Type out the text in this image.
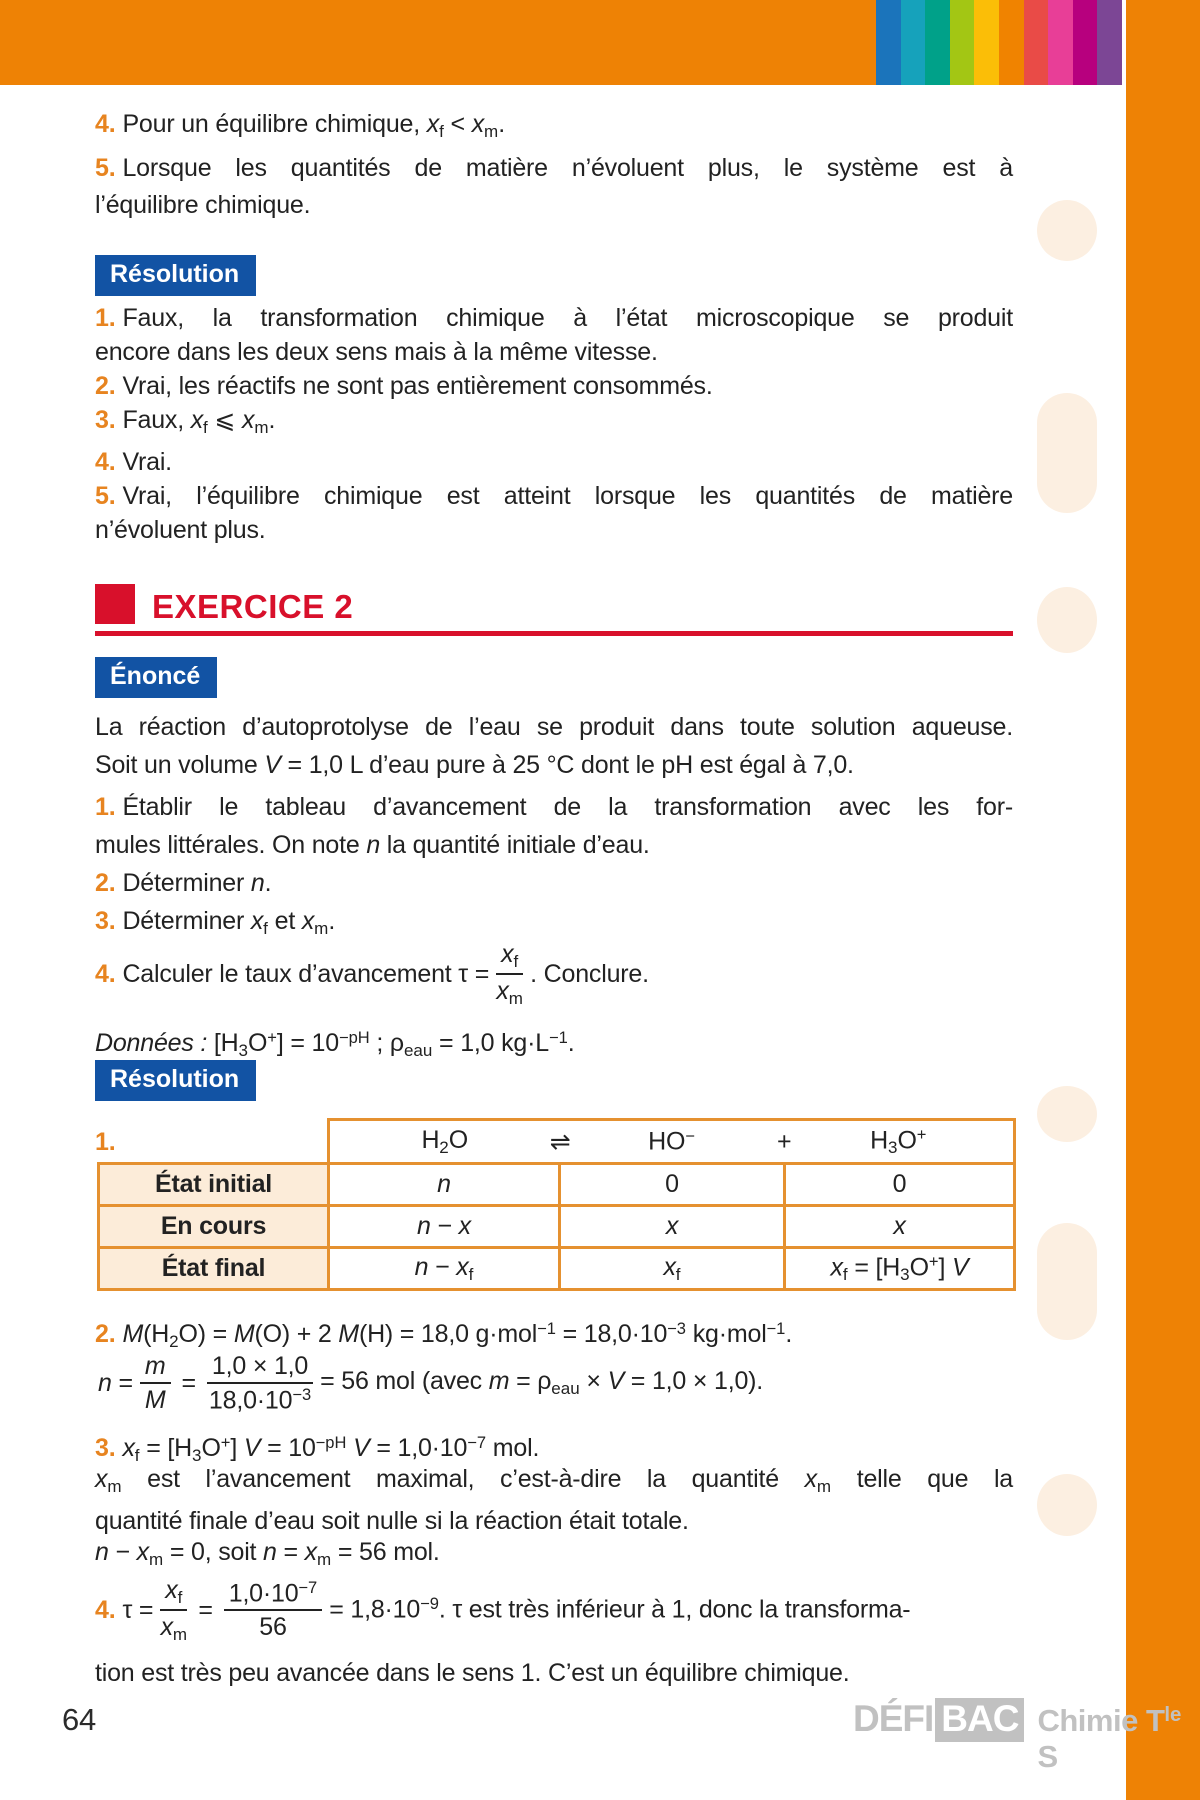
4. Pour un équilibre chimique, $x_f < x_m$.
5. Lorsque les quantités de matière n’évoluent plus, le système est à
l’équilibre chimique.
Résolution
1. Faux, la transformation chimique à l’état microscopique se produit
encore dans les deux sens mais à la même vitesse.
2. Vrai, les réactifs ne sont pas entièrement consommés.
3. Faux, $x_f$ ⩽ $x_m$.
4. Vrai.
5. Vrai, l’équilibre chimique est atteint lorsque les quantités de matière
n’évoluent plus.
EXERCICE 2
Énoncé
La réaction d’autoprotolyse de l’eau se produit dans toute solution aqueuse.
Soit un volume V = 1,0 L d’eau pure à 25 °C dont le pH est égal à 7,0.
1. Établir le tableau d’avancement de la transformation avec les for-
mules littérales. On note n la quantité initiale d’eau.
2. Déterminer n.
3. Déterminer $x_f$ et $x_m$.
4. Calculer le taux d’avancement $\tau = \frac{x_f}{x_m}$ . Conclure.
Données : $[H_3O^+] = 10^{-pH}$ ; $\rho_{eau} = 1,0$ $kg\cdot L^{-1}$.
Résolution
1.

	$H_2O$ ⇌ $HO^- + H_3O^+$

État initial	n	0	0
En cours	n − x	x	x
État final	$n - x_f$	$x_f$	$x_f = [H_3O^+]$ V
2. $M(H_2O) = M(O) + 2$ M(H) = 18,0 $g\cdot mol^{-1} = 18,0\cdot 10^{-3}$ kg·mol$^{-1}$.
$n = \frac{m}{M} = \frac{1,0 \times 1,0}{18,0\cdot 10^{-3}} = 56$ mol (avec $m = \rho_{eau} \times V = 1,0 \times 1,0$).
3. $x_f = [H_3O^+] V = 10^{-pH}$ $V = 1,0\cdot 10^{-7}$ mol.
$x_m$ est l’avancement maximal, c’est-à-dire la quantité $x_m$ telle que la
quantité finale d’eau soit nulle si la réaction était totale.
$n - x_m = 0$, soit $n = x_m = 56$ mol.
4. $\tau = \frac{x_f}{x_m} = \frac{1,0\cdot 10^{-7}}{56} = 1,8\cdot 10^{-9}$. τ est très inférieur à 1, donc la transforma-
tion est très peu avancée dans le sens 1. C’est un équilibre chimique.
64	DÉFI BAC Chimie $T^{le}$ S
